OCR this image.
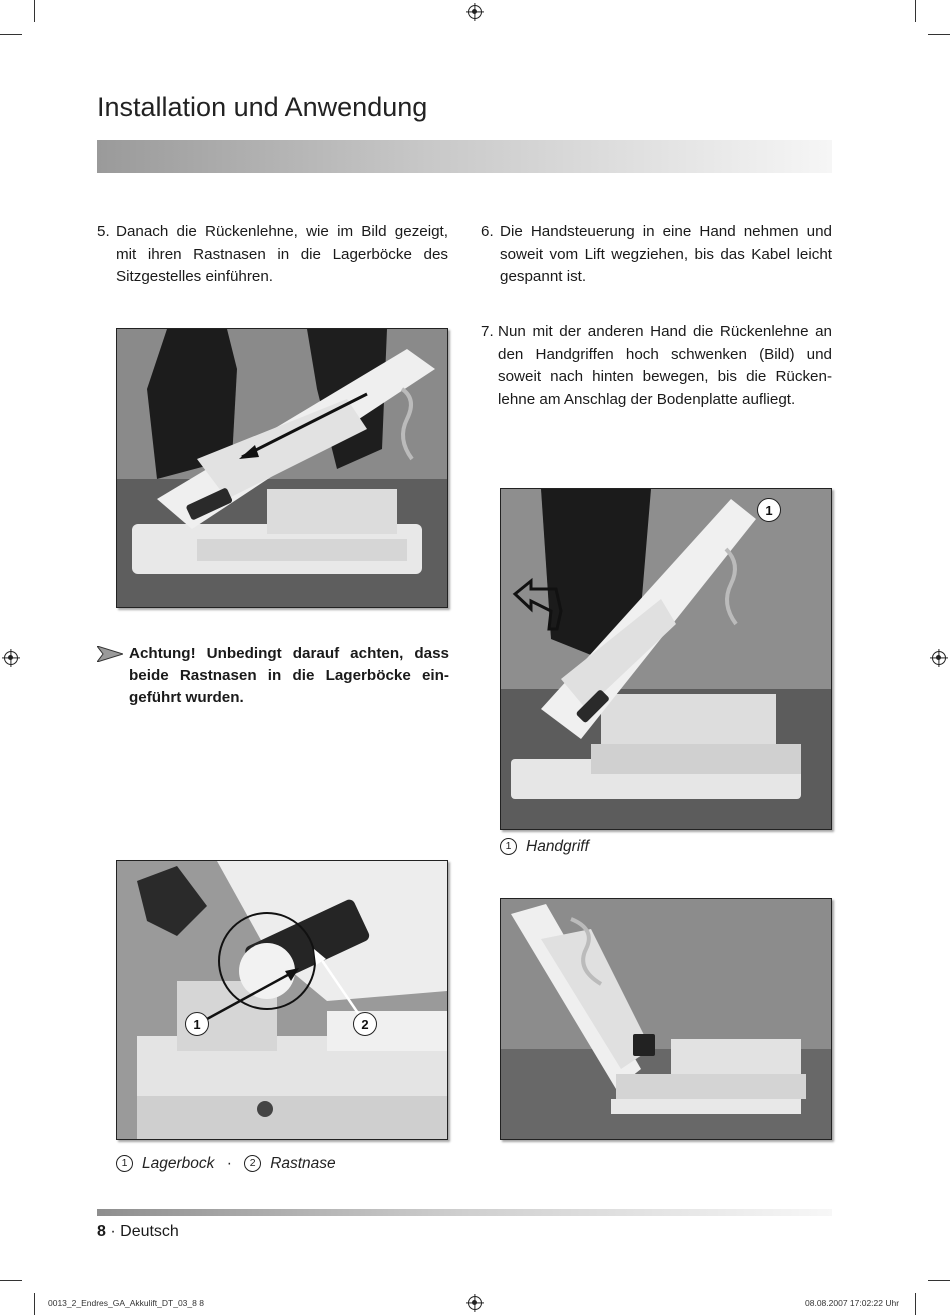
Installation und Anwendung
5. Danach die Rückenlehne, wie im Bild gezeigt, mit ihren Rastnasen in die Lagerböcke des Sitzgestelles einführen.
6. Die Handsteuerung in eine Hand nehmen und soweit vom Lift wegziehen, bis das Kabel leicht gespannt ist.
7. Nun mit der anderen Hand die Rückenlehne an den Handgriffen hoch schwenken (Bild) und soweit nach hinten bewegen, bis die Rücken-lehne am Anschlag der Bodenplatte aufliegt.
Achtung! Unbedingt darauf achten, dass beide Rastnasen in die Lagerböcke ein-geführt wurden.
1
1 Handgriff
1	2
1 Lagerbock · 2 Rastnase
8 · Deutsch
0013_2_Endres_GA_Akkulift_DT_03_8 8	08.08.2007 17:02:22 Uhr
